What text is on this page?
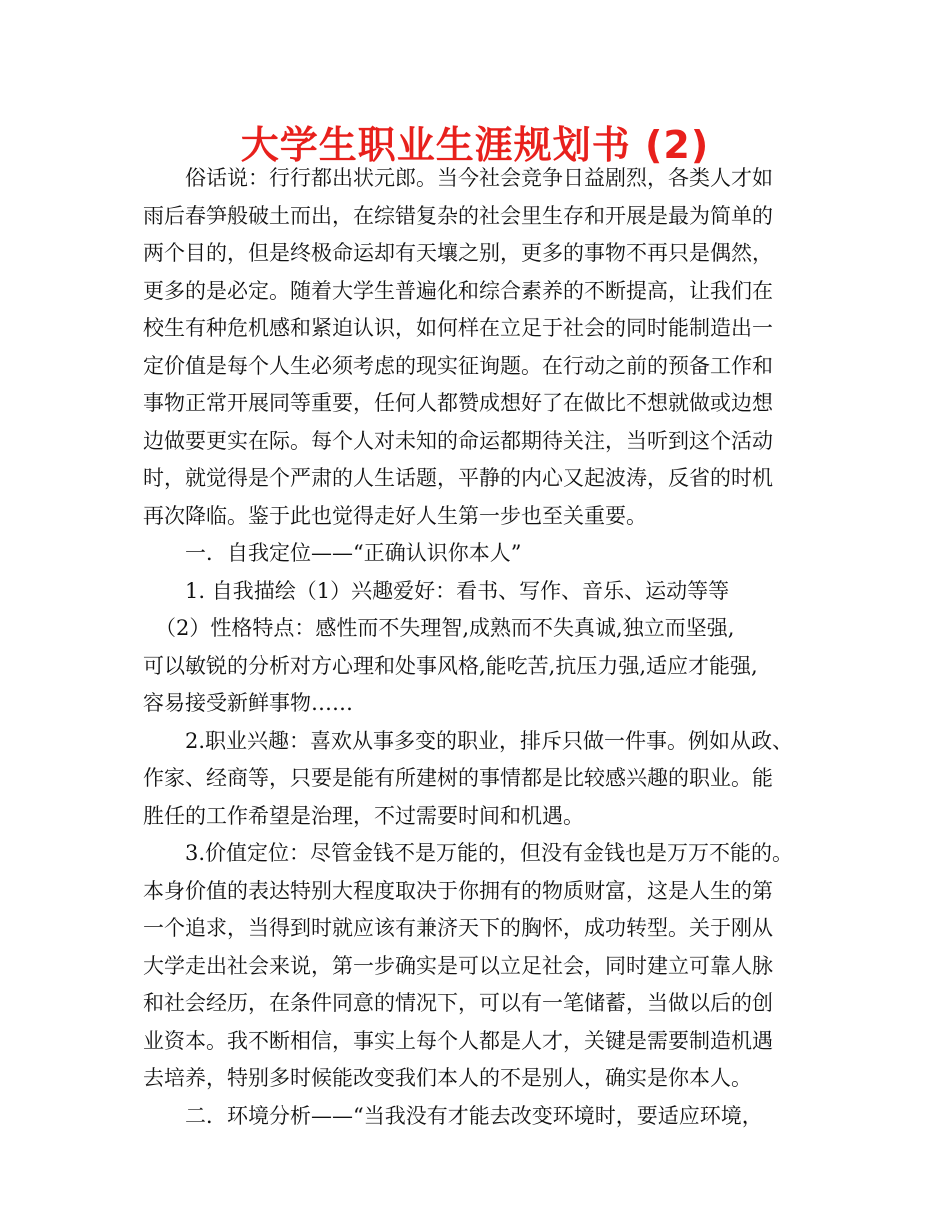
大学生职业生涯规划书 (2)
俗话说：行行都出状元郎。当今社会竞争日益剧烈，各类人才如
雨后春笋般破土而出，在综错复杂的社会里生存和开展是最为简单的
两个目的，但是终极命运却有天壤之别，更多的事物不再只是偶然，
更多的是必定。随着大学生普遍化和综合素养的不断提高，让我们在
校生有种危机感和紧迫认识，如何样在立足于社会的同时能制造出一
定价值是每个人生必须考虑的现实征询题。在行动之前的预备工作和
事物正常开展同等重要，任何人都赞成想好了在做比不想就做或边想
边做要更实在际。每个人对未知的命运都期待关注，当听到这个活动
时，就觉得是个严肃的人生话题，平静的内心又起波涛，反省的时机
再次降临。鉴于此也觉得走好人生第一步也至关重要。
一．自我定位——“正确认识你本人”
1. 自我描绘（1）兴趣爱好：看书、写作、音乐、运动等等
（2）性格特点：感性而不失理智,成熟而不失真诚,独立而坚强,
可以敏锐的分析对方心理和处事风格,能吃苦,抗压力强,适应才能强,
容易接受新鲜事物……
2.职业兴趣：喜欢从事多变的职业，排斥只做一件事。例如从政、
作家、经商等，只要是能有所建树的事情都是比较感兴趣的职业。能
胜任的工作希望是治理，不过需要时间和机遇。
3.价值定位：尽管金钱不是万能的，但没有金钱也是万万不能的。
本身价值的表达特别大程度取决于你拥有的物质财富，这是人生的第
一个追求，当得到时就应该有兼济天下的胸怀，成功转型。关于刚从
大学走出社会来说，第一步确实是可以立足社会，同时建立可靠人脉
和社会经历，在条件同意的情况下，可以有一笔储蓄，当做以后的创
业资本。我不断相信，事实上每个人都是人才，关键是需要制造机遇
去培养，特别多时候能改变我们本人的不是别人，确实是你本人。
二．环境分析——“当我没有才能去改变环境时，要适应环境，
